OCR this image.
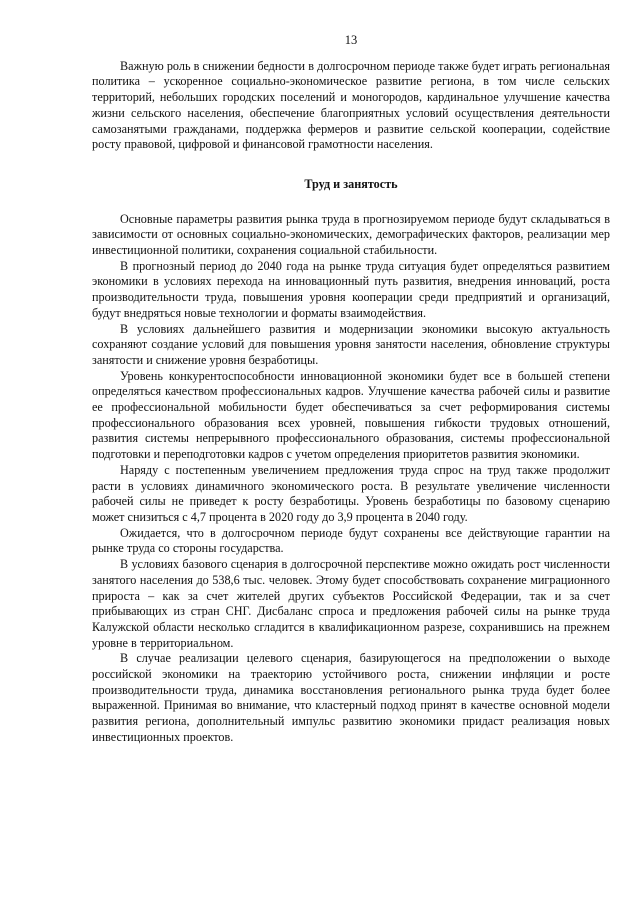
13

Важную роль в снижении бедности в долгосрочном периоде также будет играть региональная политика – ускоренное социально-экономическое развитие региона, в том числе сельских территорий, небольших городских поселений и моногородов, кардинальное улучшение качества жизни сельского населения, обеспечение благоприятных условий осуществления деятельности самозанятыми гражданами, поддержка фермеров и развитие сельской кооперации, содействие росту правовой, цифровой и финансовой грамотности населения.

Труд и занятость

Основные параметры развития рынка труда в прогнозируемом периоде будут складываться в зависимости от основных социально-экономических, демографических факторов, реализации мер инвестиционной политики, сохранения социальной стабильности.

В прогнозный период до 2040 года на рынке труда ситуация будет определяться развитием экономики в условиях перехода на инновационный путь развития, внедрения инноваций, роста производительности труда, повышения уровня кооперации среди предприятий и организаций, будут внедряться новые технологии и форматы взаимодействия.

В условиях дальнейшего развития и модернизации экономики высокую актуальность сохраняют создание условий для повышения уровня занятости населения, обновление структуры занятости и снижение уровня безработицы.

Уровень конкурентоспособности инновационной экономики будет все в большей степени определяться качеством профессиональных кадров. Улучшение качества рабочей силы и развитие ее профессиональной мобильности будет обеспечиваться за счет реформирования системы профессионального образования всех уровней, повышения гибкости трудовых отношений, развития системы непрерывного профессионального образования, системы профессиональной подготовки и переподготовки кадров с учетом определения приоритетов развития экономики.

Наряду с постепенным увеличением предложения труда спрос на труд также продолжит расти в условиях динамичного экономического роста. В результате увеличение численности рабочей силы не приведет к росту безработицы. Уровень безработицы по базовому сценарию может снизиться с 4,7 процента в 2020 году до 3,9 процента в 2040 году.

Ожидается, что в долгосрочном периоде будут сохранены все действующие гарантии на рынке труда со стороны государства.

В условиях базового сценария в долгосрочной перспективе можно ожидать рост численности занятого населения до 538,6 тыс. человек. Этому будет способствовать сохранение миграционного прироста – как за счет жителей других субъектов Российской Федерации, так и за счет прибывающих из стран СНГ. Дисбаланс спроса и предложения рабочей силы на рынке труда Калужской области несколько сгладится в квалификационном разрезе, сохранившись на прежнем уровне в территориальном.

В случае реализации целевого сценария, базирующегося на предположении о выходе российской экономики на траекторию устойчивого роста, снижении инфляции и росте производительности труда, динамика восстановления регионального рынка труда будет более выраженной. Принимая во внимание, что кластерный подход принят в качестве основной модели развития региона, дополнительный импульс развитию экономики придаст реализация новых инвестиционных проектов.
